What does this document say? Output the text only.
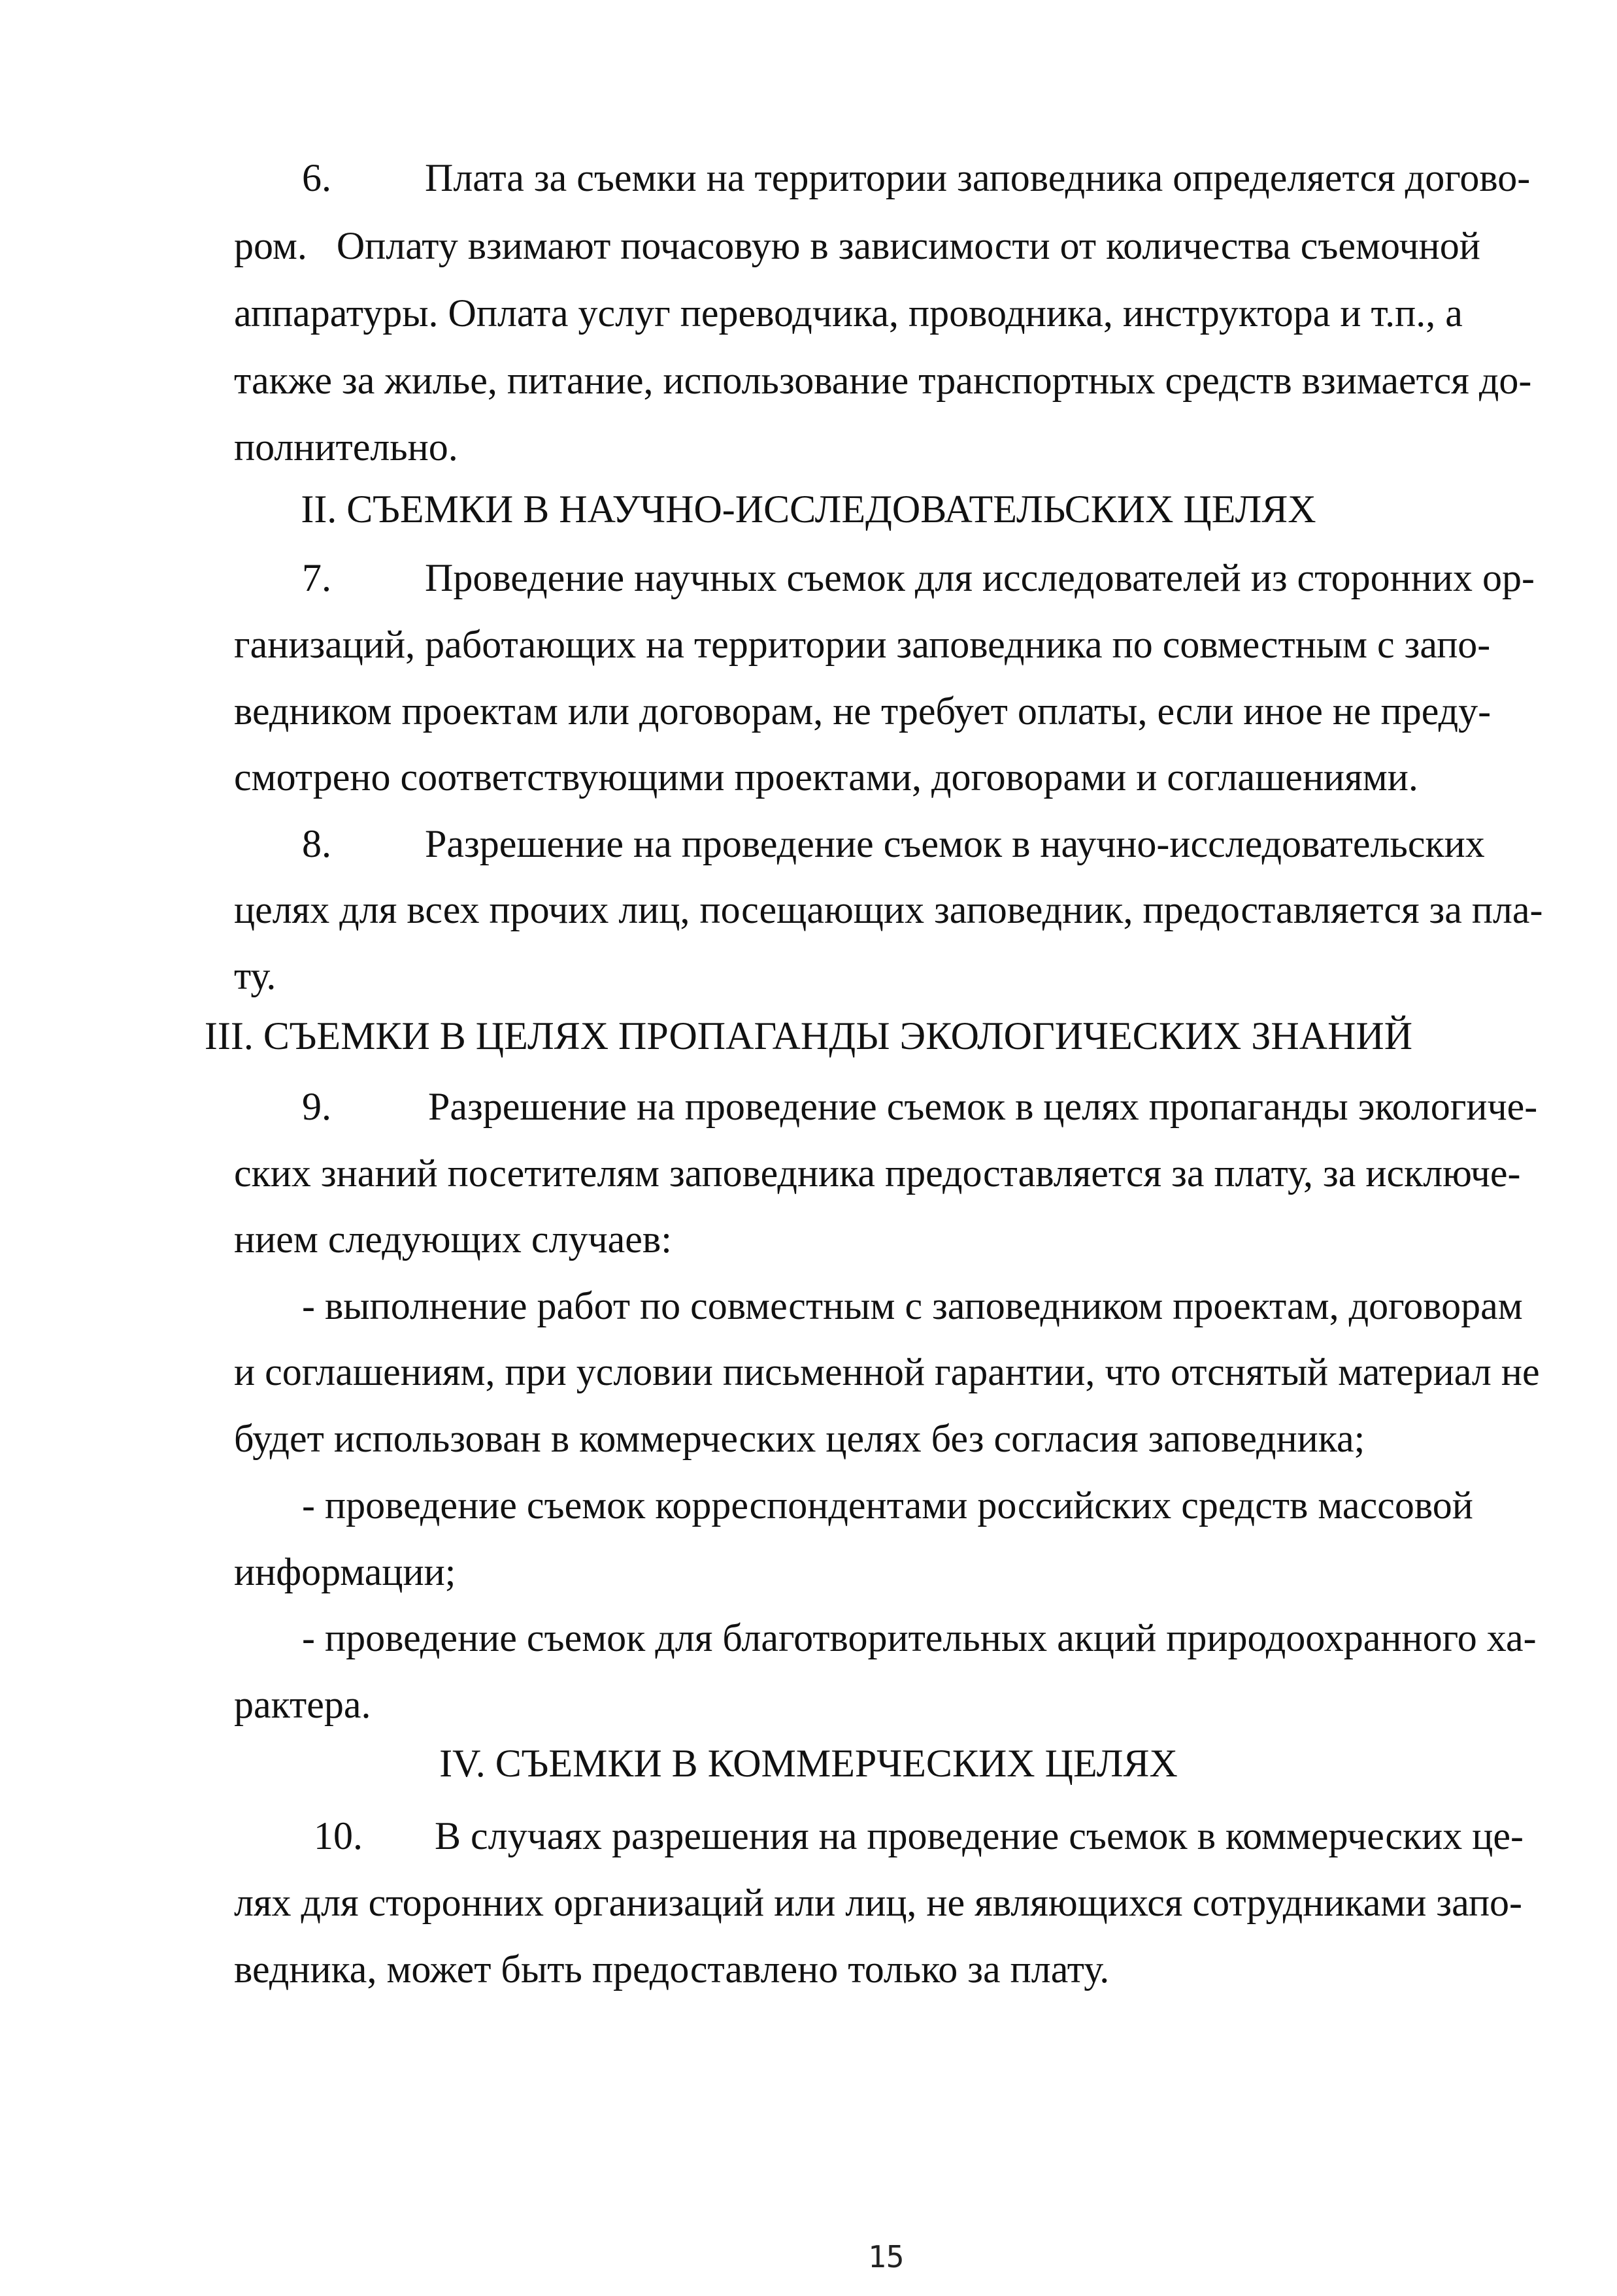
6. Плата за съемки на территории заповедника определяется догово-
ром.   Оплату взимают почасовую в зависимости от количества съемочной
аппаратуры. Оплата услуг переводчика, проводника, инструктора и т.п., а
также за жилье, питание, использование транспортных средств взимается до-
полнительно.
II. СЪЕМКИ В НАУЧНО-ИССЛЕДОВАТЕЛЬСКИХ ЦЕЛЯХ
7. Проведение научных съемок для исследователей из сторонних ор-
ганизаций, работающих на территории заповедника по совместным с запо-
ведником проектам или договорам, не требует оплаты, если иное не преду-
смотрено соответствующими проектами, договорами и соглашениями.
8. Разрешение на проведение съемок в научно-исследовательских
целях для всех прочих лиц, посещающих заповедник, предоставляется за пла-
ту.
III. СЪЕМКИ В ЦЕЛЯХ ПРОПАГАНДЫ ЭКОЛОГИЧЕСКИХ ЗНАНИЙ
9. Разрешение на проведение съемок в целях пропаганды экологиче-
ских знаний посетителям заповедника предоставляется за плату, за исключе-
нием следующих случаев:
- выполнение работ по совместным с заповедником проектам, договорам
и соглашениям, при условии письменной гарантии, что отснятый материал не
будет использован в коммерческих целях без согласия заповедника;
- проведение съемок корреспондентами российских средств массовой
информации;
- проведение съемок для благотворительных акций природоохранного ха-
рактера.
IV. СЪЕМКИ В КОММЕРЧЕСКИХ ЦЕЛЯХ
10. В случаях разрешения на проведение съемок в коммерческих це-
лях для сторонних организаций или лиц, не являющихся сотрудниками запо-
ведника, может быть предоставлено только за плату.
15
